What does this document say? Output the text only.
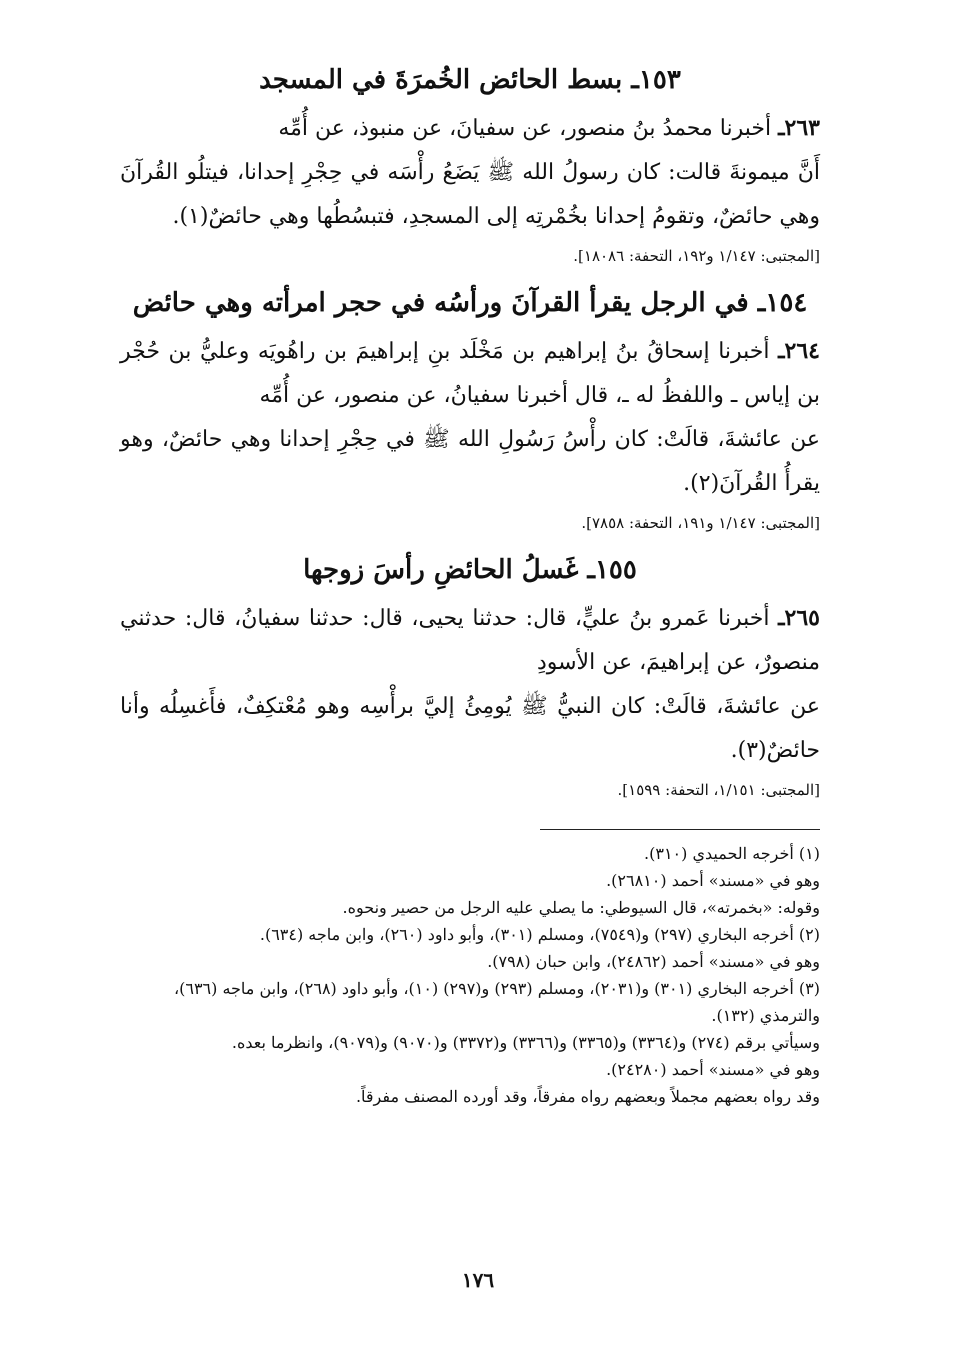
١٥٣ـ بسط الحائض الخُمرَةَ في المسجد

٢٦٣ـ أخبرنا محمدُ بنُ منصور، عن سفيانَ، عن منبوذ، عن أُمِّه

أَنَّ ميمونةَ قالت: كان رسولُ الله ﷺ يَضَعُ رأْسَه في حِجْرِ إحدانا، فيتلُو القُرآنَ وهي حائضٌ، وتقومُ إحدانا بخُمْرتِه إلى المسجدِ، فتبسُطُها وهي حائضٌ(١).

[المجتبى: ١/١٤٧ و١٩٢، التحفة: ١٨٠٨٦].

١٥٤ـ في الرجل يقرأ القرآنَ ورأسُه في حجر امرأته وهي حائض

٢٦٤ـ أخبرنا إسحاقُ بنُ إبراهيم بن مَخْلَد بنِ إبراهيمَ بن راهُويَه وعليُّ بن حُجْر بن إياس ـ واللفظُ له ـ، قال أخبرنا سفيانُ، عن منصور، عن أُمِّه

عن عائشةَ، قالَتْ: كان رأْسُ رَسُولِ الله ﷺ في حِجْرِ إحدانا وهي حائضٌ، وهو يقرأُ القُرآنَ(٢).

[المجتبى: ١/١٤٧ و١٩١، التحفة: ٧٨٥٨].

١٥٥ـ غَسلُ الحائضِ رأسَ زوجها

٢٦٥ـ أخبرنا عَمرو بنُ عليٍّ، قال: حدثنا يحيى، قال: حدثنا سفيانُ، قال: حدثني منصورٌ، عن إبراهيمَ، عن الأسودِ

عن عائشةَ، قالَتْ: كان النبيُّ ﷺ يُومِئُ إليَّ برأْسِه وهو مُعْتكِفٌ، فأَغسِلُه وأنا حائضٌ(٣).

[المجتبى: ١/١٥١، التحفة: ١٥٩٩].

(١) أخرجه الحميدي (٣١٠).

وهو في «مسند» أحمد (٢٦٨١٠).

وقوله: «بخمرته»، قال السيوطي: ما يصلي عليه الرجل من حصير ونحوه.

(٢) أخرجه البخاري (٢٩٧) و(٧٥٤٩)، ومسلم (٣٠١)، وأبو داود (٢٦٠)، وابن ماجه (٦٣٤).

وهو في «مسند» أحمد (٢٤٨٦٢)، وابن حبان (٧٩٨).

(٣) أخرجه البخاري (٣٠١) و(٢٠٣١)، ومسلم (٢٩٣) و(٢٩٧) (١٠)، وأبو داود (٢٦٨)، وابن ماجه (٦٣٦)، والترمذي (١٣٢).

وسيأتي برقم (٢٧٤) و(٣٣٦٤) و(٣٣٦٥) و(٣٣٦٦) و(٣٣٧٢) و(٩٠٧٠) و(٩٠٧٩)، وانظرما بعده.

وهو في «مسند» أحمد (٢٤٢٨٠).

وقد رواه بعضهم مجملاً وبعضهم رواه مفرقاً، وقد أورده المصنف مفرقاً.

١٧٦
